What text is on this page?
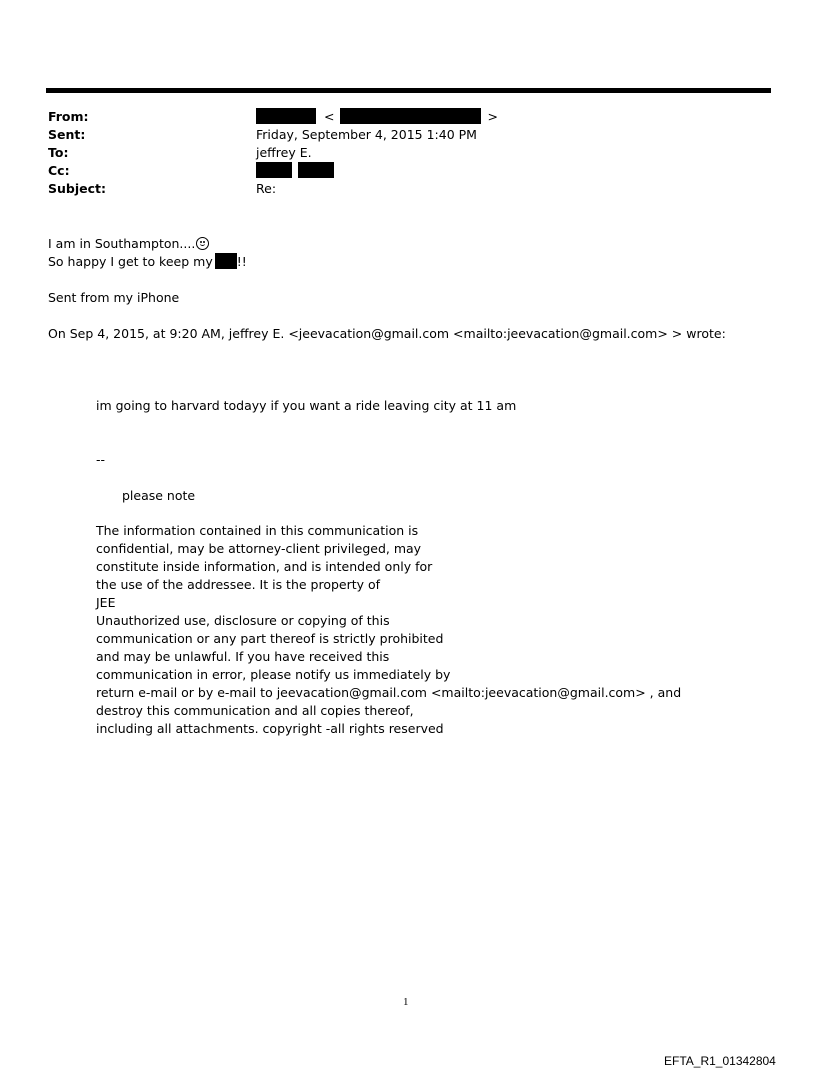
From:	<	>
Sent:	Friday, September 4, 2015 1:40 PM
To:	jeffrey E.
Cc:

Subject:	Re:
I am in Southampton....
So happy I get to keep my !!
Sent from my iPhone
On Sep 4, 2015, at 9:20 AM, jeffrey E. <jeevacation@gmail.com <mailto:jeevacation@gmail.com> > wrote:
im going to harvard todayy if you want a ride leaving city at 11 am
--
please note
The information contained in this communication is
confidential, may be attorney-client privileged, may
constitute inside information, and is intended only for
the use of the addressee. It is the property of
JEE
Unauthorized use, disclosure or copying of this
communication or any part thereof is strictly prohibited
and may be unlawful. If you have received this
communication in error, please notify us immediately by
return e-mail or by e-mail to jeevacation@gmail.com <mailto:jeevacation@gmail.com> , and
destroy this communication and all copies thereof,
including all attachments. copyright -all rights reserved
1
EFTA_R1_01342804
